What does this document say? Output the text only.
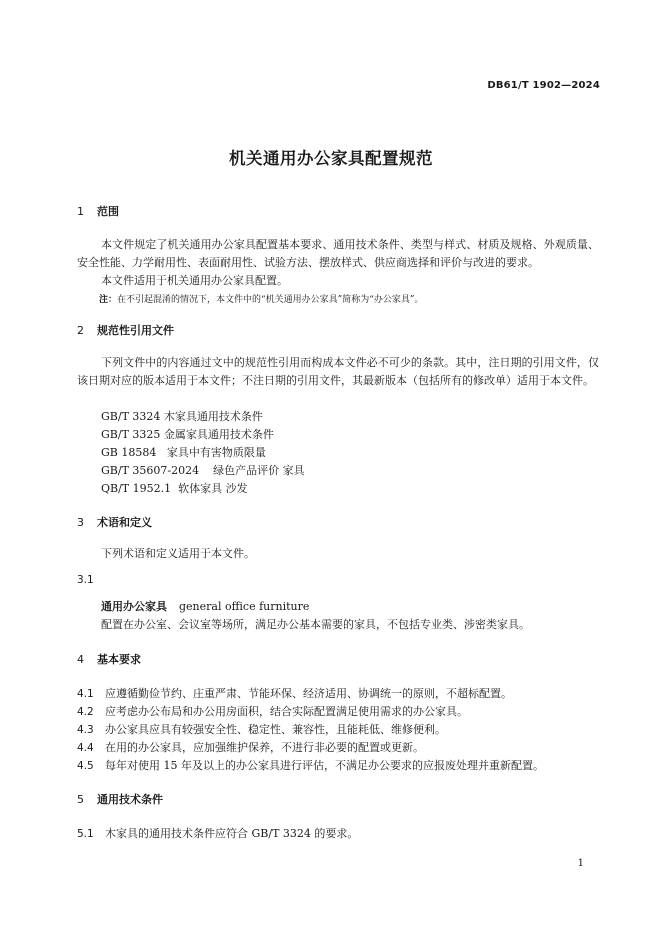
DB61/T 1902—2024
机关通用办公家具配置规范
1 范围
本文件规定了机关通用办公家具配置基本要求、通用技术条件、类型与样式、材质及规格、外观质量、安全性能、力学耐用性、表面耐用性、试验方法、摆放样式、供应商选择和评价与改进的要求。
本文件适用于机关通用办公家具配置。
注：在不引起混淆的情况下，本文件中的“机关通用办公家具”简称为“办公家具”。
2 规范性引用文件
下列文件中的内容通过文中的规范性引用而构成本文件必不可少的条款。其中，注日期的引用文件，仅该日期对应的版本适用于本文件；不注日期的引用文件，其最新版本（包括所有的修改单）适用于本文件。
GB/T 3324 木家具通用技术条件
GB/T 3325 金属家具通用技术条件
GB 18584 家具中有害物质限量
GB/T 35607-2024 绿色产品评价 家具
QB/T 1952.1 软体家具 沙发
3 术语和定义
下列术语和定义适用于本文件。
3.1
通用办公家具 general office furniture
配置在办公室、会议室等场所，满足办公基本需要的家具，不包括专业类、涉密类家具。
4 基本要求
4.1 应遵循勤俭节约、庄重严肃、节能环保、经济适用、协调统一的原则，不超标配置。
4.2 应考虑办公布局和办公用房面积，结合实际配置满足使用需求的办公家具。
4.3 办公家具应具有较强安全性、稳定性、兼容性，且能耗低、维修便利。
4.4 在用的办公家具，应加强维护保养，不进行非必要的配置或更新。
4.5 每年对使用 15 年及以上的办公家具进行评估，不满足办公要求的应报废处理并重新配置。
5 通用技术条件
5.1 木家具的通用技术条件应符合 GB/T 3324 的要求。
1
